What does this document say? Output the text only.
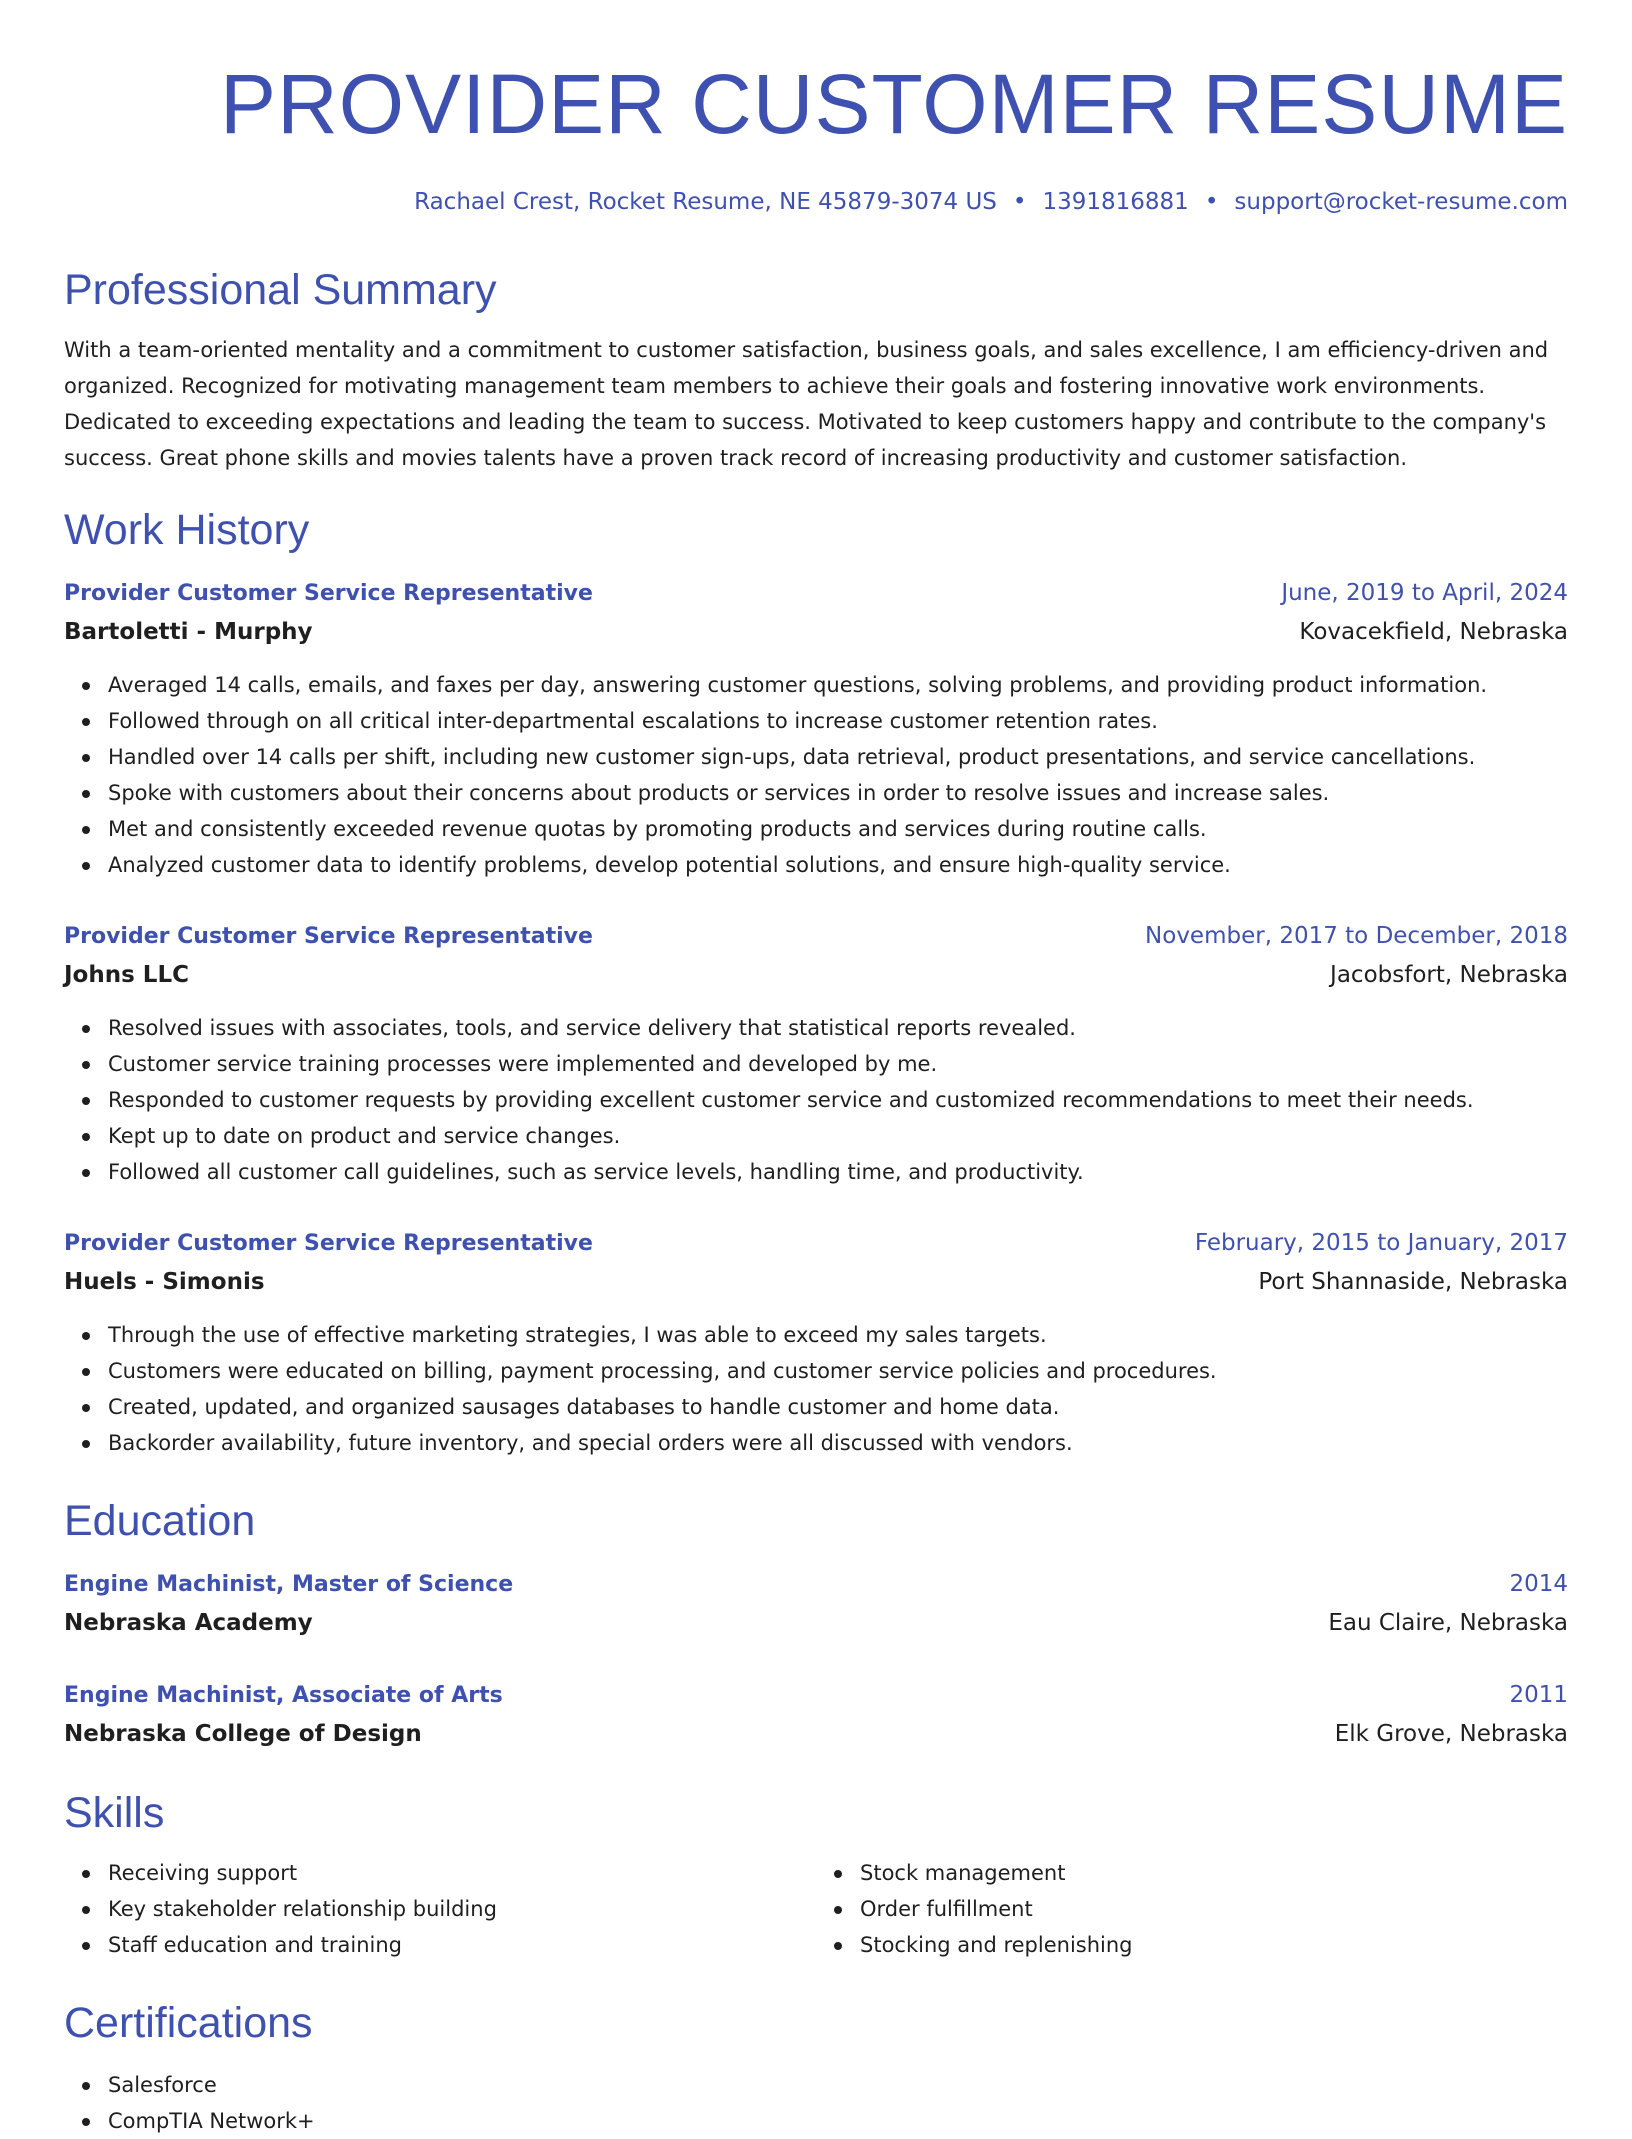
PROVIDER CUSTOMER RESUME
Rachael Crest, Rocket Resume, NE 45879-3074 US • 1391816881 • support@rocket-resume.com
Professional Summary

With a team-oriented mentality and a commitment to customer satisfaction, business goals, and sales excellence, I am efficiency-driven and organized. Recognized for motivating management team members to achieve their goals and fostering innovative work environments. Dedicated to exceeding expectations and leading the team to success. Motivated to keep customers happy and contribute to the company's success. Great phone skills and movies talents have a proven track record of increasing productivity and customer satisfaction.

Work History
Provider Customer Service Representative	June, 2019 to April, 2024
Bartoletti - Murphy	Kovacekfield, Nebraska
Averaged 14 calls, emails, and faxes per day, answering customer questions, solving problems, and providing product information.
Followed through on all critical inter-departmental escalations to increase customer retention rates.
Handled over 14 calls per shift, including new customer sign-ups, data retrieval, product presentations, and service cancellations.
Spoke with customers about their concerns about products or services in order to resolve issues and increase sales.
Met and consistently exceeded revenue quotas by promoting products and services during routine calls.
Analyzed customer data to identify problems, develop potential solutions, and ensure high-quality service.
Provider Customer Service Representative	November, 2017 to December, 2018
Johns LLC	Jacobsfort, Nebraska
Resolved issues with associates, tools, and service delivery that statistical reports revealed.
Customer service training processes were implemented and developed by me.
Responded to customer requests by providing excellent customer service and customized recommendations to meet their needs.
Kept up to date on product and service changes.
Followed all customer call guidelines, such as service levels, handling time, and productivity.
Provider Customer Service Representative	February, 2015 to January, 2017
Huels - Simonis	Port Shannaside, Nebraska
Through the use of effective marketing strategies, I was able to exceed my sales targets.
Customers were educated on billing, payment processing, and customer service policies and procedures.
Created, updated, and organized sausages databases to handle customer and home data.
Backorder availability, future inventory, and special orders were all discussed with vendors.
Education
Engine Machinist, Master of Science	2014
Nebraska Academy	Eau Claire, Nebraska
Engine Machinist, Associate of Arts	2011
Nebraska College of Design	Elk Grove, Nebraska
Skills
Receiving support
Key stakeholder relationship building
Staff education and training
Stock management
Order fulfillment
Stocking and replenishing
Certifications
Salesforce
CompTIA Network+
